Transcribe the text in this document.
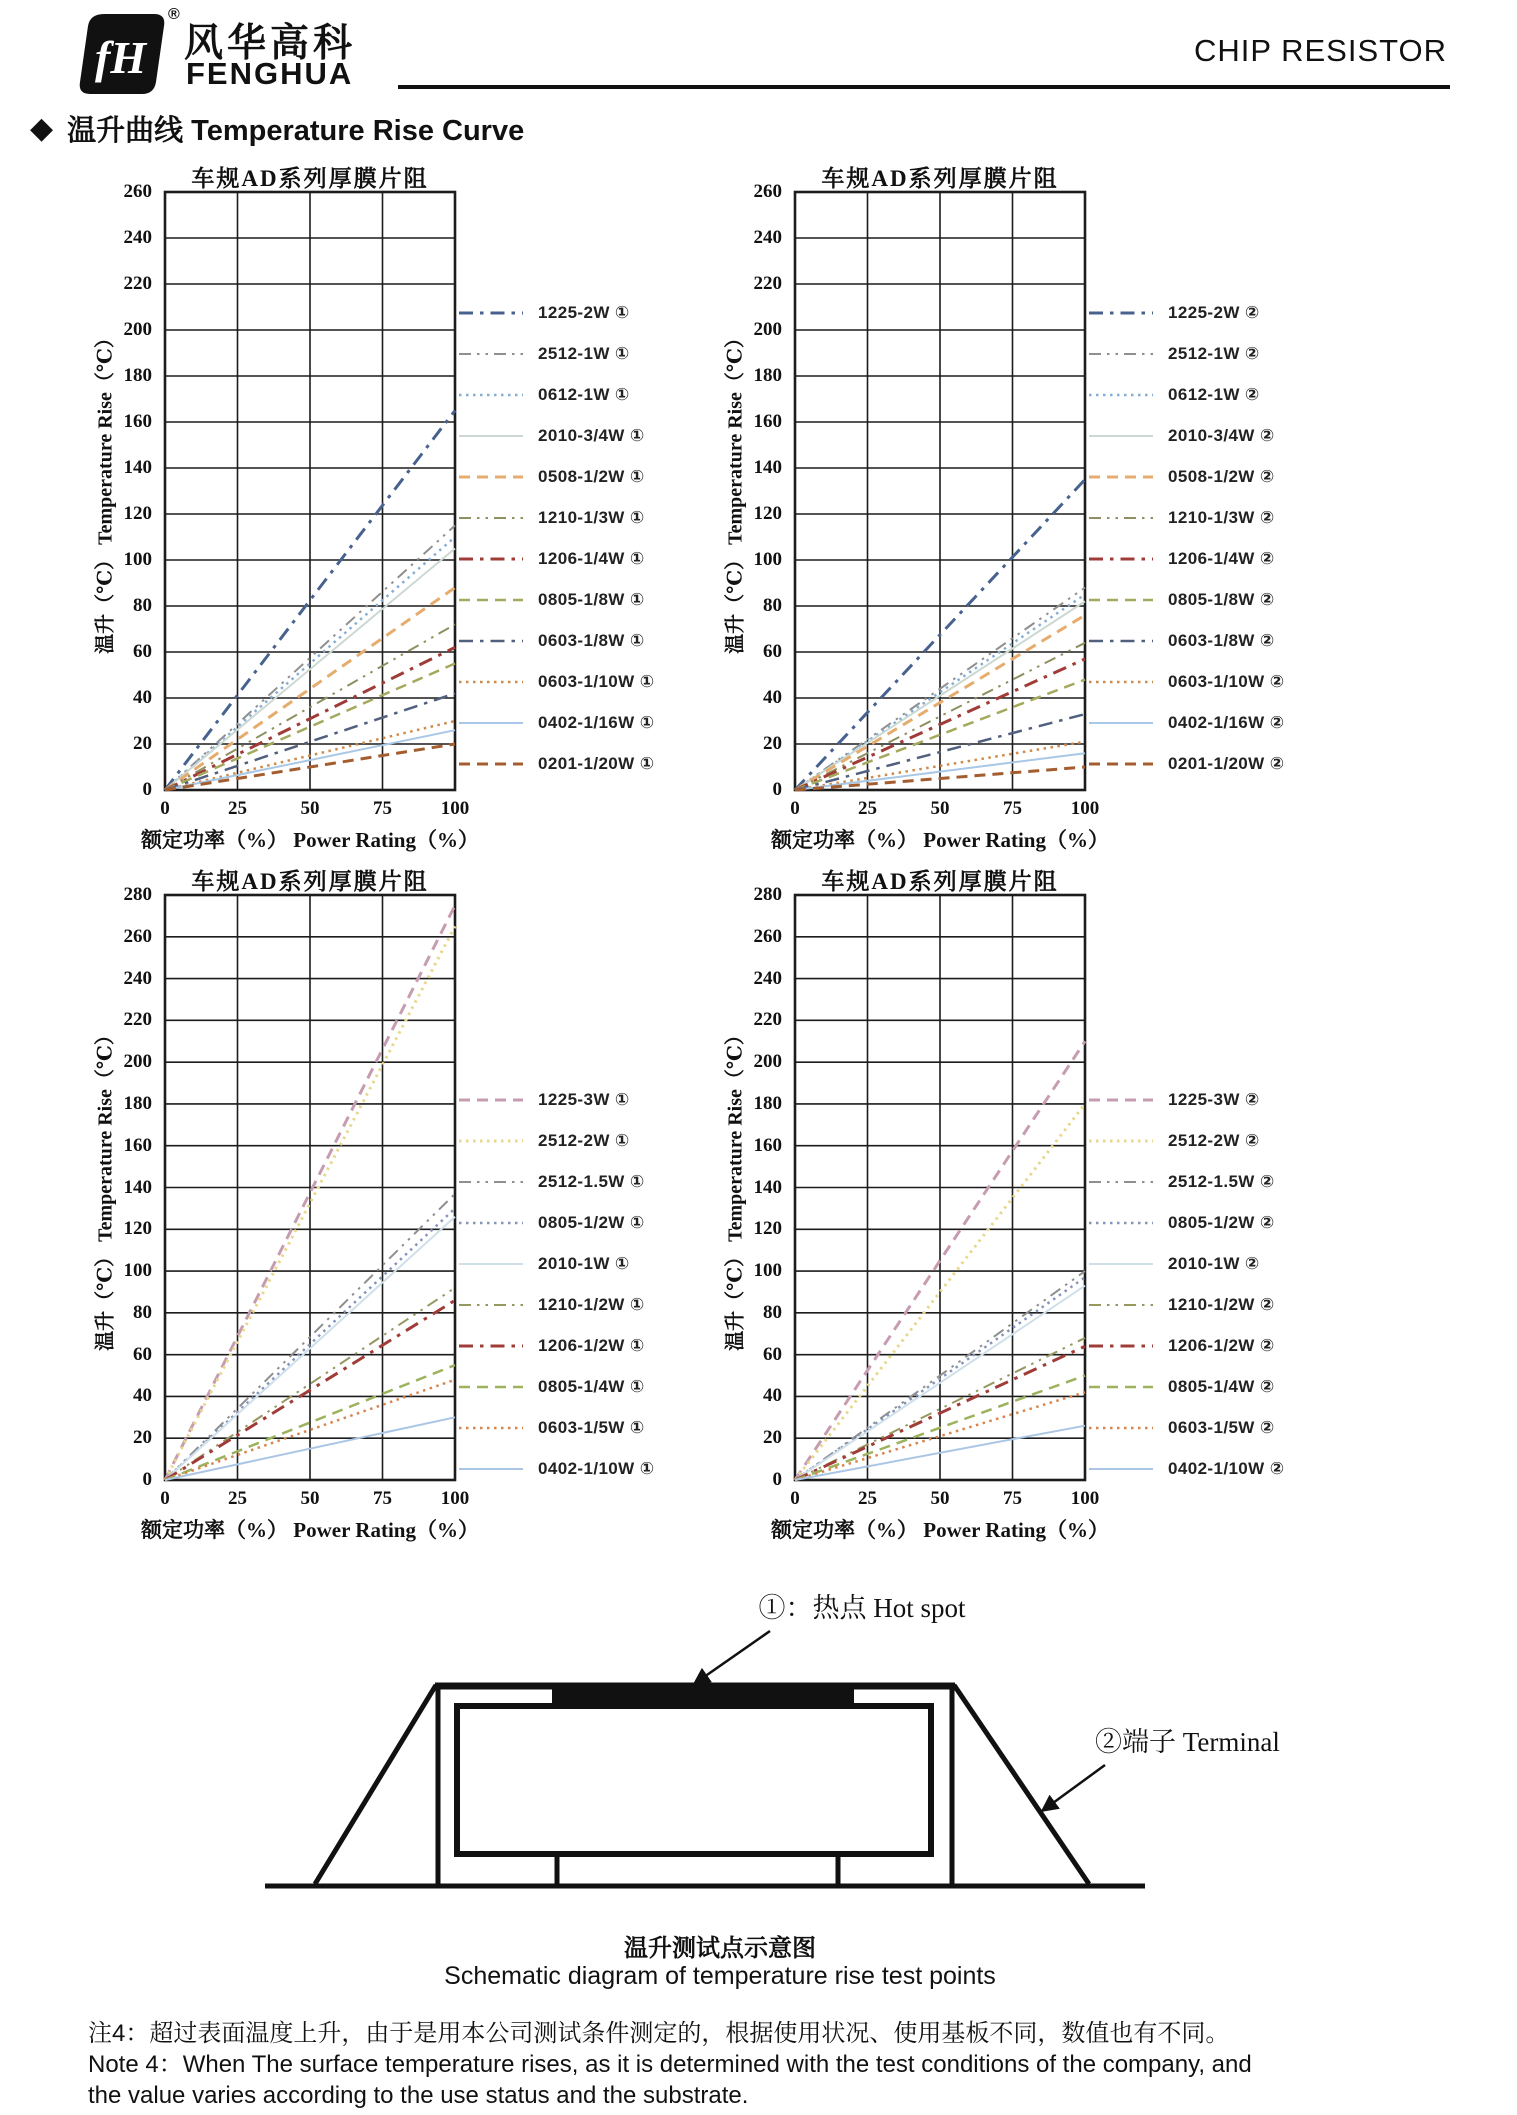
fH
®
风华高科
FENGHUA
CHIP RESISTOR
◆ 温升曲线 Temperature Rise Curve
车规AD系列厚膜片阻
温升（℃） Temperature Rise（℃）
260
240
220
200
180
160
140
120
100
80
60
40
20
0
0	25	50	75	100
额定功率（%） Power Rating（%）
1225-2W ①
2512-1W ①
0612-1W ①
2010-3/4W ①
0508-1/2W ①
1210-1/3W ①
1206-1/4W ①
0805-1/8W ①
0603-1/8W ①
0603-1/10W ①
0402-1/16W ①
0201-1/20W ①
车规AD系列厚膜片阻
温升（℃） Temperature Rise（℃）
260
240
220
200
180
160
140
120
100
80
60
40
20
0
0	25	50	75	100
额定功率（%） Power Rating（%）
1225-2W ②
2512-1W ②
0612-1W ②
2010-3/4W ②
0508-1/2W ②
1210-1/3W ②
1206-1/4W ②
0805-1/8W ②
0603-1/8W ②
0603-1/10W ②
0402-1/16W ②
0201-1/20W ②
车规AD系列厚膜片阻
温升（℃） Temperature Rise（℃）
280
260
240
220
200
180
160
140
120
100
80
60
40
20
0
0	25	50	75	100
额定功率（%） Power Rating（%）
1225-3W ①
2512-2W ①
2512-1.5W ①
0805-1/2W ①
2010-1W ①
1210-1/2W ①
1206-1/2W ①
0805-1/4W ①
0603-1/5W ①
0402-1/10W ①
车规AD系列厚膜片阻
温升（℃） Temperature Rise（℃）
280
260
240
220
200
180
160
140
120
100
80
60
40
20
0
0	25	50	75	100
额定功率（%） Power Rating（%）
1225-3W ②
2512-2W ②
2512-1.5W ②
0805-1/2W ②
2010-1W ②
1210-1/2W ②
1206-1/2W ②
0805-1/4W ②
0603-1/5W ②
0402-1/10W ②
①：热点 Hot spot
②端子 Terminal
温升测试点示意图
Schematic diagram of temperature rise test points
注4：超过表面温度上升，由于是用本公司测试条件测定的，根据使用状况、使用基板不同，数值也有不同。
Note 4：When The surface temperature rises, as it is determined with the test conditions of the company, and
the value varies according to the use status and the substrate.
